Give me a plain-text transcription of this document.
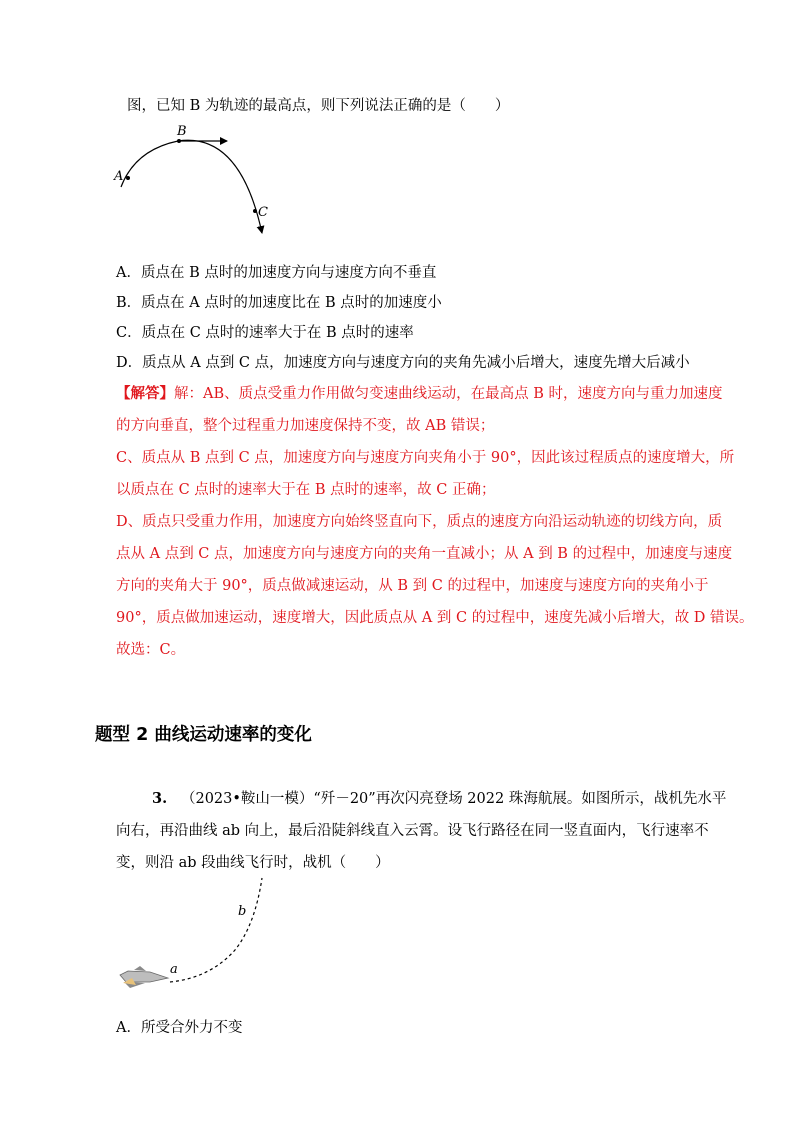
图，已知 B 为轨迹的最高点，则下列说法正确的是（　　）
A
B
C
A．质点在 B 点时的加速度方向与速度方向不垂直
B．质点在 A 点时的加速度比在 B 点时的加速度小
C．质点在 C 点时的速率大于在 B 点时的速率
D．质点从 A 点到 C 点，加速度方向与速度方向的夹角先减小后增大，速度先增大后减小
【解答】解：AB、质点受重力作用做匀变速曲线运动，在最高点 B 时，速度方向与重力加速度
的方向垂直，整个过程重力加速度保持不变，故 AB 错误；
C、质点从 B 点到 C 点，加速度方向与速度方向夹角小于 90°，因此该过程质点的速度增大，所
以质点在 C 点时的速率大于在 B 点时的速率，故 C 正确；
D、质点只受重力作用，加速度方向始终竖直向下，质点的速度方向沿运动轨迹的切线方向，质
点从 A 点到 C 点，加速度方向与速度方向的夹角一直减小；从 A 到 B 的过程中，加速度与速度
方向的夹角大于 90°，质点做减速运动，从 B 到 C 的过程中，加速度与速度方向的夹角小于
90°，质点做加速运动，速度增大，因此质点从 A 到 C 的过程中，速度先减小后增大，故 D 错误。
故选：C。
题型 2 曲线运动速率的变化
3. （2023•鞍山一模）“歼－20”再次闪亮登场 2022 珠海航展。如图所示，战机先水平
向右，再沿曲线 ab 向上，最后沿陡斜线直入云霄。设飞行路径在同一竖直面内，飞行速率不
变，则沿 ab 段曲线飞行时，战机（　　）
a
b
A．所受合外力不变
